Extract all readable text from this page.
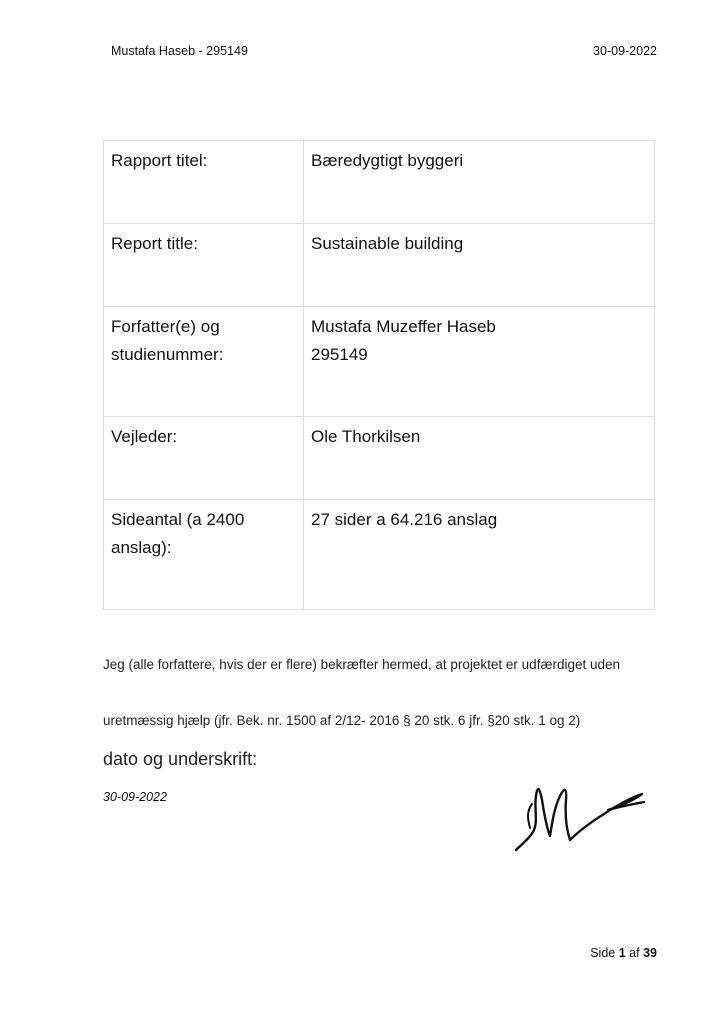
Mustafa Haseb - 295149	30-09-2022
Rapport titel:	Bæredygtigt byggeri

Report title:	Sustainable building

Forfatter(e) og
studienummer:	Mustafa Muzeffer Haseb
295149

Vejleder:	Ole Thorkilsen

Sideantal (a 2400
anslag):	27 sider a 64.216 anslag
Jeg (alle forfattere, hvis der er flere) bekræfter hermed, at projektet er udfærdiget uden
uretmæssig hjælp (jfr. Bek. nr. 1500 af 2/12- 2016 § 20 stk. 6 jfr. §20 stk. 1 og 2)
dato og underskrift:
30-09-2022
Side 1 af 39
